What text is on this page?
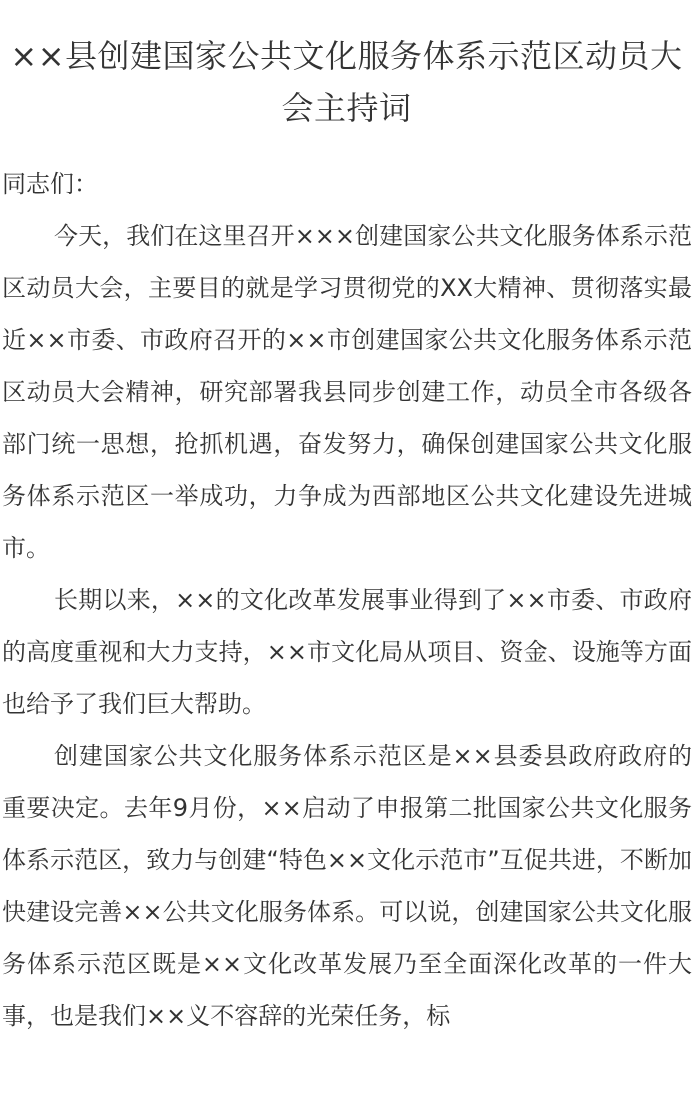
××县创建国家公共文化服务体系示范区动员大会主持词

同志们：

今天，我们在这里召开×××创建国家公共文化服务体系示范区动员大会，主要目的就是学习贯彻党的XX大精神、贯彻落实最近××市委、市政府召开的××市创建国家公共文化服务体系示范区动员大会精神，研究部署我县同步创建工作，动员全市各级各部门统一思想，抢抓机遇，奋发努力，确保创建国家公共文化服务体系示范区一举成功，力争成为西部地区公共文化建设先进城市。

长期以来，××的文化改革发展事业得到了××市委、市政府的高度重视和大力支持，××市文化局从项目、资金、设施等方面也给予了我们巨大帮助。

创建国家公共文化服务体系示范区是××县委县政府政府的重要决定。去年9月份，××启动了申报第二批国家公共文化服务体系示范区，致力与创建“特色××文化示范市”互促共进，不断加快建设完善××公共文化服务体系。可以说，创建国家公共文化服务体系示范区既是××文化改革发展乃至全面深化改革的一件大事，也是我们××义不容辞的光荣任务，标
